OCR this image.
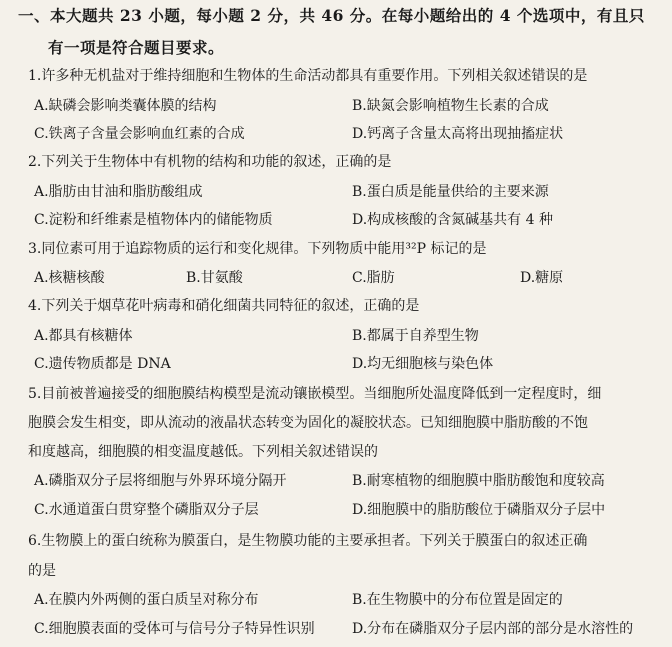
一、本大题共 23 小题，每小题 2 分，共 46 分。在每小题给出的 4 个选项中，有且只
有一项是符合题目要求。
1.许多种无机盐对于维持细胞和生物体的生命活动都具有重要作用。下列相关叙述错误的是
A.缺磷会影响类囊体膜的结构	B.缺氮会影响植物生长素的合成
C.铁离子含量会影响血红素的合成	D.钙离子含量太高将出现抽搐症状
2.下列关于生物体中有机物的结构和功能的叙述，正确的是
A.脂肪由甘油和脂肪酸组成	B.蛋白质是能量供给的主要来源
C.淀粉和纤维素是植物体内的储能物质	D.构成核酸的含氮碱基共有 4 种
3.同位素可用于追踪物质的运行和变化规律。下列物质中能用³²P 标记的是
A.核糖核酸	B.甘氨酸	C.脂肪	D.糖原
4.下列关于烟草花叶病毒和硝化细菌共同特征的叙述，正确的是
A.都具有核糖体	B.都属于自养型生物
C.遗传物质都是 DNA	D.均无细胞核与染色体
5.目前被普遍接受的细胞膜结构模型是流动镶嵌模型。当细胞所处温度降低到一定程度时，细
胞膜会发生相变，即从流动的液晶状态转变为固化的凝胶状态。已知细胞膜中脂肪酸的不饱
和度越高，细胞膜的相变温度越低。下列相关叙述错误的
A.磷脂双分子层将细胞与外界环境分隔开	B.耐寒植物的细胞膜中脂肪酸饱和度较高
C.水通道蛋白贯穿整个磷脂双分子层	D.细胞膜中的脂肪酸位于磷脂双分子层中
6.生物膜上的蛋白统称为膜蛋白，是生物膜功能的主要承担者。下列关于膜蛋白的叙述正确
的是
A.在膜内外两侧的蛋白质呈对称分布	B.在生物膜中的分布位置是固定的
C.细胞膜表面的受体可与信号分子特异性识别	D.分布在磷脂双分子层内部的部分是水溶性的
